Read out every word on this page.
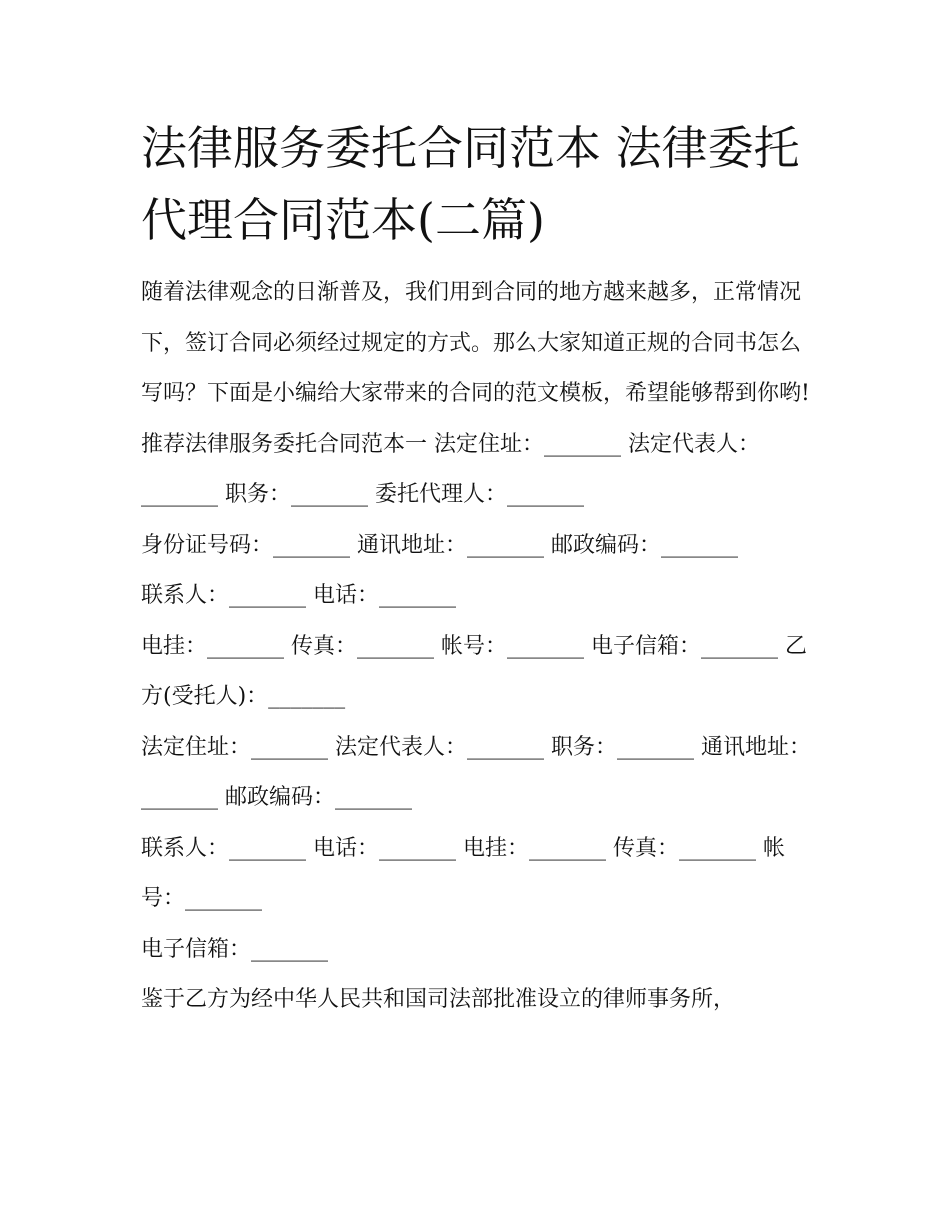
法律服务委托合同范本 法律委托代理合同范本(二篇)

随着法律观念的日渐普及，我们用到合同的地方越来越多，正常情况下，签订合同必须经过规定的方式。那么大家知道正规的合同书怎么写吗？下面是小编给大家带来的合同的范文模板，希望能够帮到你哟!

推荐法律服务委托合同范本一 法定住址：_______ 法定代表人：_______ 职务：_______ 委托代理人：_______

身份证号码：_______ 通讯地址：_______ 邮政编码：_______

联系人：_______ 电话：_______

电挂：_______ 传真：_______ 帐号：_______ 电子信箱：_______ 乙方(受托人)：_______

法定住址：_______ 法定代表人：_______ 职务：_______ 通讯地址：_______ 邮政编码：_______

联系人：_______ 电话：_______ 电挂：_______ 传真：_______ 帐号：_______

电子信箱：_______

鉴于乙方为经中华人民共和国司法部批准设立的律师事务所，
